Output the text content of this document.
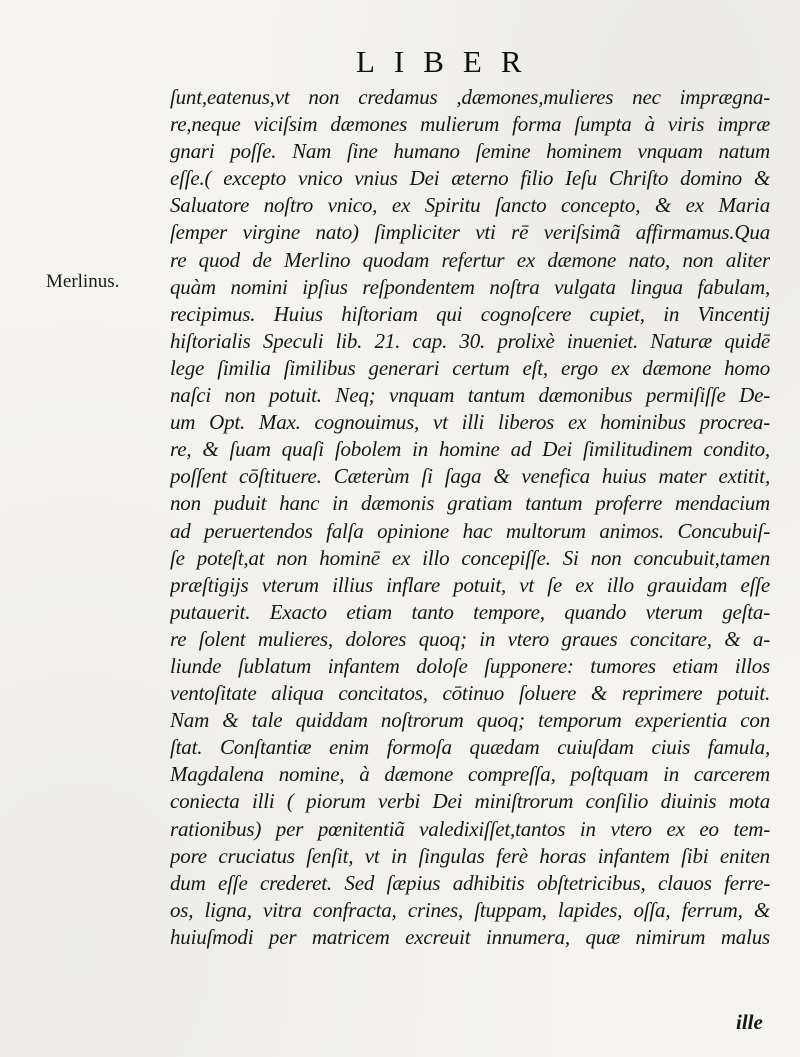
LIBER
Merlinus.
ſunt,eatenus,vt non credamus ,dæmones,mulieres nec imprægna-
re,neque viciſsim dæmones mulierum forma ſumpta à viris impræ
gnari poſſe. Nam ſine humano ſemine hominem vnquam natum
eſſe.( excepto vnico vnius Dei æterno filio Ieſu Chriſto domino &
Saluatore noſtro vnico, ex Spiritu ſancto concepto, & ex Maria
ſemper virgine nato) ſimpliciter vti rē veriſsimã affirmamus.Qua
re quod de Merlino quodam refertur ex dæmone nato, non aliter
quàm nomini ipſius reſpondentem noſtra vulgata lingua fabulam,
recipimus. Huius hiſtoriam qui cognoſcere cupiet, in Vincentij
hiſtorialis Speculi lib. 21. cap. 30. prolixè inueniet. Naturæ quidē
lege ſimilia ſimilibus generari certum eſt, ergo ex dæmone homo
naſci non potuit. Neq; vnquam tantum dæmonibus permiſiſſe De-
um Opt. Max. cognouimus, vt illi liberos ex hominibus procrea-
re, & ſuam quaſi ſobolem in homine ad Dei ſimilitudinem condito,
poſſent cōſtituere. Cæterùm ſi ſaga & venefica huius mater extitit,
non puduit hanc in dæmonis gratiam tantum proferre mendacium
ad peruertendos falſa opinione hac multorum animos. Concubuiſ-
ſe poteſt,at non hominē ex illo concepiſſe. Si non concubuit,tamen
præſtigijs vterum illius inflare potuit, vt ſe ex illo grauidam eſſe
putauerit. Exacto etiam tanto tempore, quando vterum geſta-
re ſolent mulieres, dolores quoq; in vtero graues concitare, & a-
liunde ſublatum infantem doloſe ſupponere: tumores etiam illos
ventoſitate aliqua concitatos, cōtinuo ſoluere & reprimere potuit.
Nam & tale quiddam noſtrorum quoq; temporum experientia con
ſtat. Conſtantiæ enim formoſa quædam cuiuſdam ciuis famula,
Magdalena nomine, à dæmone compreſſa, poſtquam in carcerem
coniecta illi ( piorum verbi Dei miniſtrorum conſilio diuinis mota
rationibus) per pœnitentiã valedixiſſet,tantos in vtero ex eo tem-
pore cruciatus ſenſit, vt in ſingulas ferè horas infantem ſibi eniten
dum eſſe crederet. Sed ſæpius adhibitis obſtetricibus, clauos ferre-
os, ligna, vitra confracta, crines, ſtuppam, lapides, oſſa, ferrum, &
huiuſmodi per matricem excreuit innumera, quæ nimirum malus
ille
